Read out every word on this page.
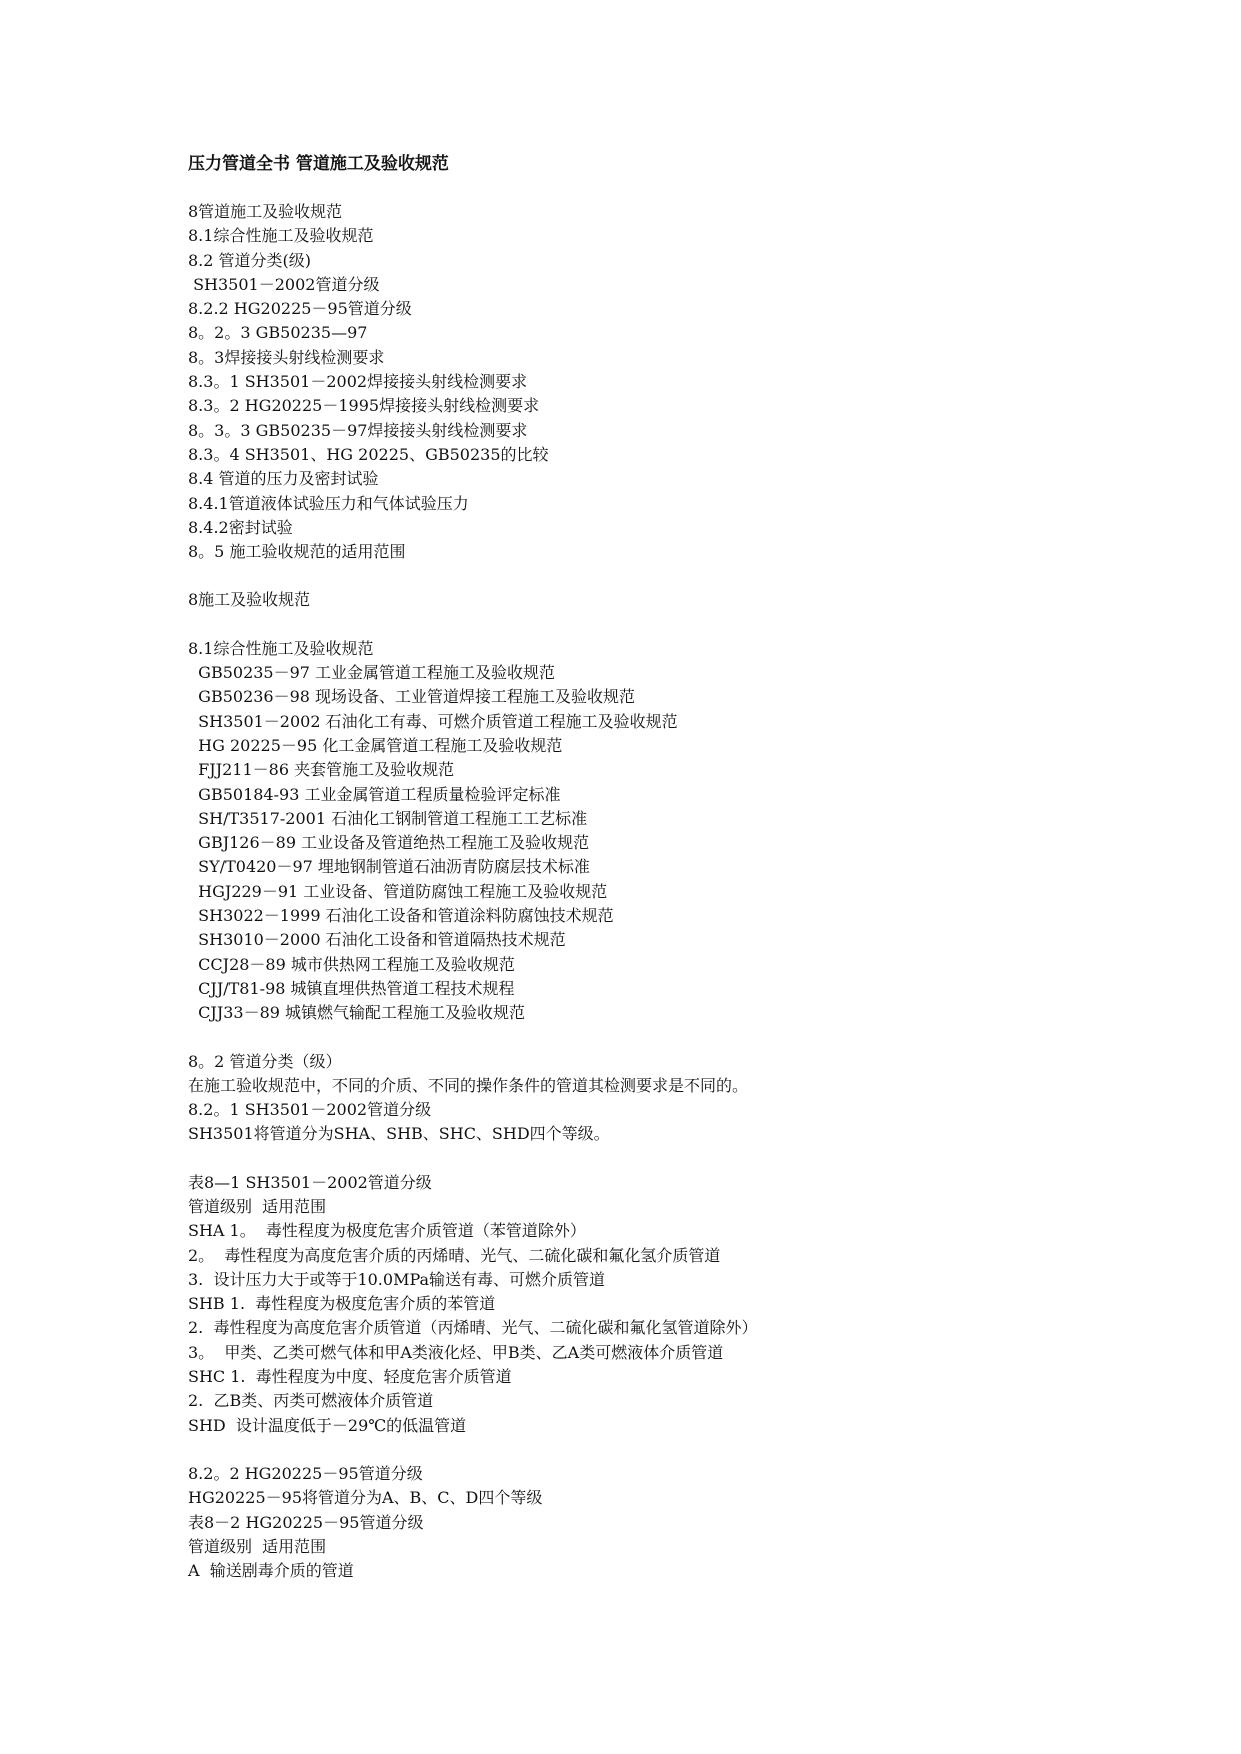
压力管道全书 管道施工及验收规范
8管道施工及验收规范
8.1综合性施工及验收规范
8.2 管道分类(级)
SH3501－2002管道分级
8.2.2 HG20225－95管道分级
8。2。3 GB50235—97
8。3焊接接头射线检测要求
8.3。1 SH3501－2002焊接接头射线检测要求
8.3。2 HG20225－1995焊接接头射线检测要求
8。3。3 GB50235－97焊接接头射线检测要求
8.3。4 SH3501、HG 20225、GB50235的比较
8.4 管道的压力及密封试验
8.4.1管道液体试验压力和气体试验压力
8.4.2密封试验
8。5 施工验收规范的适用范围
8施工及验收规范
8.1综合性施工及验收规范
GB50235－97 工业金属管道工程施工及验收规范
GB50236－98 现场设备、工业管道焊接工程施工及验收规范
SH3501－2002 石油化工有毒、可燃介质管道工程施工及验收规范
HG 20225－95 化工金属管道工程施工及验收规范
FJJ211－86 夹套管施工及验收规范
GB50184-93 工业金属管道工程质量检验评定标准
SH/T3517-2001 石油化工钢制管道工程施工工艺标准
GBJ126－89 工业设备及管道绝热工程施工及验收规范
SY/T0420－97 埋地钢制管道石油沥青防腐层技术标准
HGJ229－91 工业设备、管道防腐蚀工程施工及验收规范
SH3022－1999 石油化工设备和管道涂料防腐蚀技术规范
SH3010－2000 石油化工设备和管道隔热技术规范
CCJ28－89 城市供热网工程施工及验收规范
CJJ/T81-98 城镇直埋供热管道工程技术规程
CJJ33－89 城镇燃气输配工程施工及验收规范
8。2 管道分类（级）
在施工验收规范中，不同的介质、不同的操作条件的管道其检测要求是不同的。
8.2。1 SH3501－2002管道分级
SH3501将管道分为SHA、SHB、SHC、SHD四个等级。
表8—1 SH3501－2002管道分级
管道级别  适用范围
SHA 1。  毒性程度为极度危害介质管道（苯管道除外）
2。  毒性程度为高度危害介质的丙烯晴、光气、二硫化碳和氟化氢介质管道
3.  设计压力大于或等于10.0MPa输送有毒、可燃介质管道
SHB 1.  毒性程度为极度危害介质的苯管道
2.  毒性程度为高度危害介质管道（丙烯晴、光气、二硫化碳和氟化氢管道除外）
3。  甲类、乙类可燃气体和甲A类液化烃、甲B类、乙A类可燃液体介质管道
SHC 1.  毒性程度为中度、轻度危害介质管道
2.  乙B类、丙类可燃液体介质管道
SHD  设计温度低于－29℃的低温管道
8.2。2 HG20225－95管道分级
HG20225－95将管道分为A、B、C、D四个等级
表8－2 HG20225－95管道分级
管道级别  适用范围
A  输送剧毒介质的管道
